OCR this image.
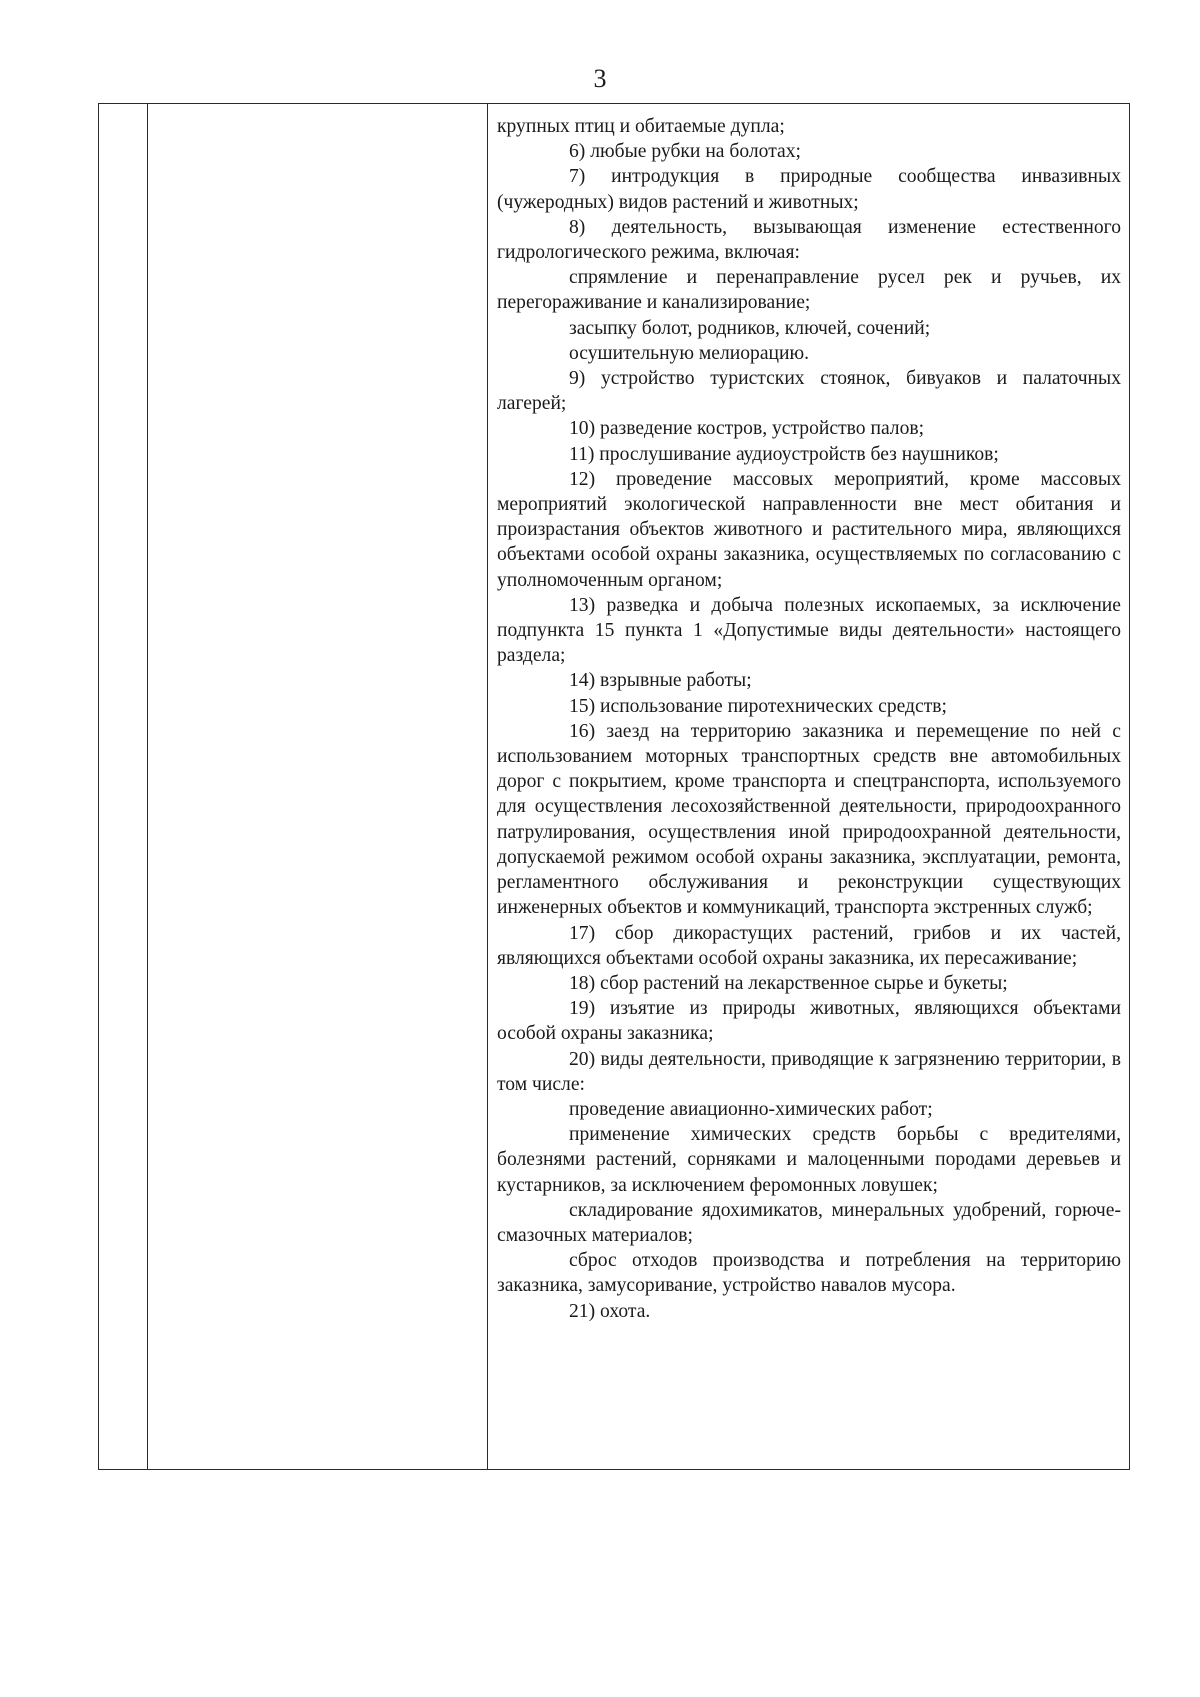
3

крупных птиц и обитаемые дупла;

6) любые рубки на болотах;

7) интродукция в природные сообщества инвазивных (чужеродных) видов растений и животных;

8) деятельность, вызывающая изменение естественного гидрологического режима, включая:

спрямление и перенаправление русел рек и ручьев, их перегораживание и канализирование;

засыпку болот, родников, ключей, сочений;

осушительную мелиорацию.

9) устройство туристских стоянок, бивуаков и палаточных лагерей;

10) разведение костров, устройство палов;

11) прослушивание аудиоустройств без наушников;

12) проведение массовых мероприятий, кроме массовых мероприятий экологической направленности вне мест обитания и произрастания объектов животного и растительного мира, являющихся объектами особой охраны заказника, осуществляемых по согласованию с уполномоченным органом;

13) разведка и добыча полезных ископаемых, за исключение подпункта 15 пункта 1 «Допустимые виды деятельности» настоящего раздела;

14) взрывные работы;

15) использование пиротехнических средств;

16) заезд на территорию заказника и перемещение по ней с использованием моторных транспортных средств вне автомобильных дорог с покрытием, кроме транспорта и спецтранспорта, используемого для осуществления лесохозяйственной деятельности, природоохранного патрулирования, осуществления иной природоохранной деятельности, допускаемой режимом особой охраны заказника, эксплуатации, ремонта, регламентного обслуживания и реконструкции существующих инженерных объектов и коммуникаций, транспорта экстренных служб;

17) сбор дикорастущих растений, грибов и их частей, являющихся объектами особой охраны заказника, их пересаживание;

18) сбор растений на лекарственное сырье и букеты;

19) изъятие из природы животных, являющихся объектами особой охраны заказника;

20) виды деятельности, приводящие к загрязнению территории, в том числе:

проведение авиационно-химических работ;

применение химических средств борьбы с вредителями, болезнями растений, сорняками и малоценными породами деревьев и кустарников, за исключением феромонных ловушек;

складирование ядохимикатов, минеральных удобрений, горюче-смазочных материалов;

сброс отходов производства и потребления на территорию заказника, замусоривание, устройство навалов мусора.

21) охота.
